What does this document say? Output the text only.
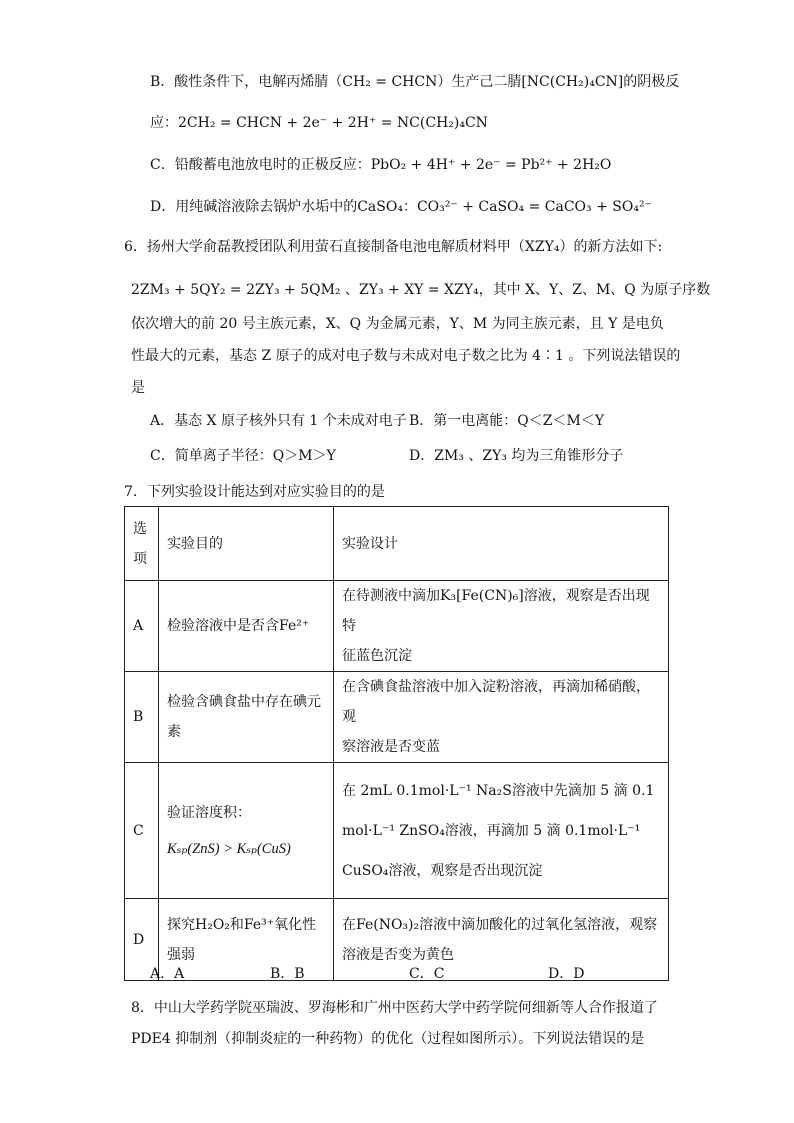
B．酸性条件下，电解丙烯腈（CH₂ = CHCN）生产己二腈[NC(CH₂)₄CN]的阴极反
应：2CH₂ = CHCN + 2e⁻ + 2H⁺ = NC(CH₂)₄CN
C．铅酸蓄电池放电时的正极反应：PbO₂ + 4H⁺ + 2e⁻ = Pb²⁺ + 2H₂O
D．用纯碱溶液除去锅炉水垢中的CaSO₄：CO₃²⁻ + CaSO₄ = CaCO₃ + SO₄²⁻
6．扬州大学俞磊教授团队利用萤石直接制备电池电解质材料甲（XZY₄）的新方法如下:
2ZM₃ + 5QY₂ = 2ZY₃ + 5QM₂ 、ZY₃ + XY = XZY₄，其中 X、Y、Z、M、Q 为原子序数
依次增大的前 20 号主族元素，X、Q 为金属元素，Y、M 为同主族元素，且 Y 是电负
性最大的元素，基态 Z 原子的成对电子数与未成对电子数之比为 4∶1 。下列说法错误的
是
A．基态 X 原子核外只有 1 个未成对电子 B．第一电离能：Q＜Z＜M＜Y
C．简单离子半径：Q＞M＞Y	D．ZM₃ 、ZY₃ 均为三角锥形分子
7．下列实验设计能达到对应实验目的的是
选
项	实验目的	实验设计
A	检验溶液中是否含Fe²⁺	在待测液中滴加K₃[Fe(CN)₆]溶液，观察是否出现特
征蓝色沉淀

B	检验含碘食盐中存在碘元
素	在含碘食盐溶液中加入淀粉溶液，再滴加稀硝酸，观
察溶液是否变蓝

C	验证溶度积：
Kₛₚ(ZnS) > Kₛₚ(CuS)	在 2mL 0.1mol·L⁻¹ Na₂S溶液中先滴加 5 滴 0.1
mol·L⁻¹ ZnSO₄溶液，再滴加 5 滴 0.1mol·L⁻¹
CuSO₄溶液，观察是否出现沉淀

D	探究H₂O₂和Fe³⁺氧化性
强弱	在Fe(NO₃)₂溶液中滴加酸化的过氧化氢溶液，观察
溶液是否变为黄色
A．A	B．B	C．C	D．D
8．中山大学药学院巫瑞波、罗海彬和广州中医药大学中药学院何细新等人合作报道了
PDE4 抑制剂（抑制炎症的一种药物）的优化（过程如图所示）。下列说法错误的是
